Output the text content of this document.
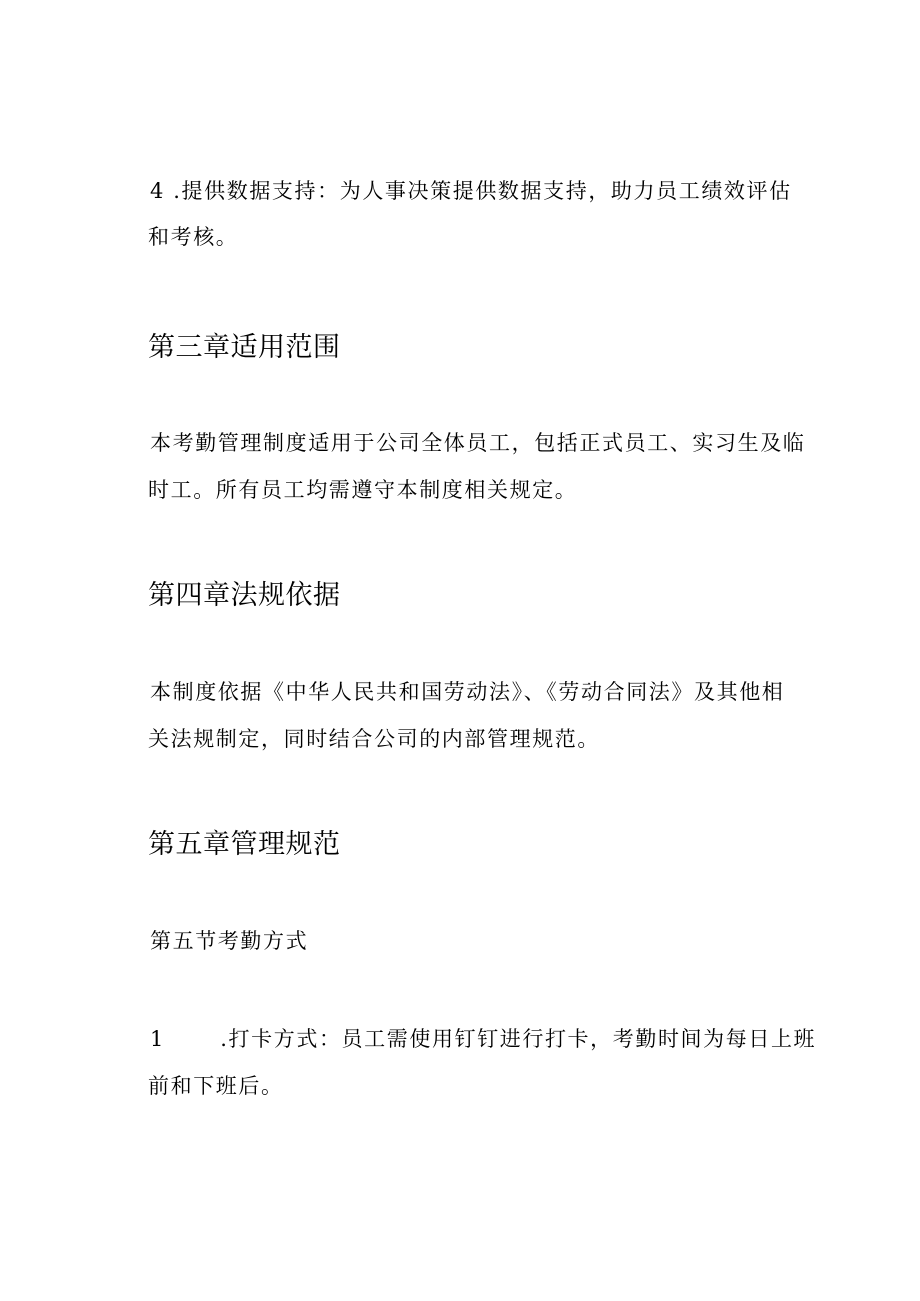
4 .提供数据支持：为人事决策提供数据支持，助力员工绩效评估
和考核。
第三章适用范围
本考勤管理制度适用于公司全体员工，包括正式员工、实习生及临
时工。所有员工均需遵守本制度相关规定。
第四章法规依据
本制度依据《中华人民共和国劳动法》、《劳动合同法》及其他相
关法规制定，同时结合公司的内部管理规范。
第五章管理规范
第五节考勤方式
1	.打卡方式：员工需使用钉钉进行打卡，考勤时间为每日上班
前和下班后。
